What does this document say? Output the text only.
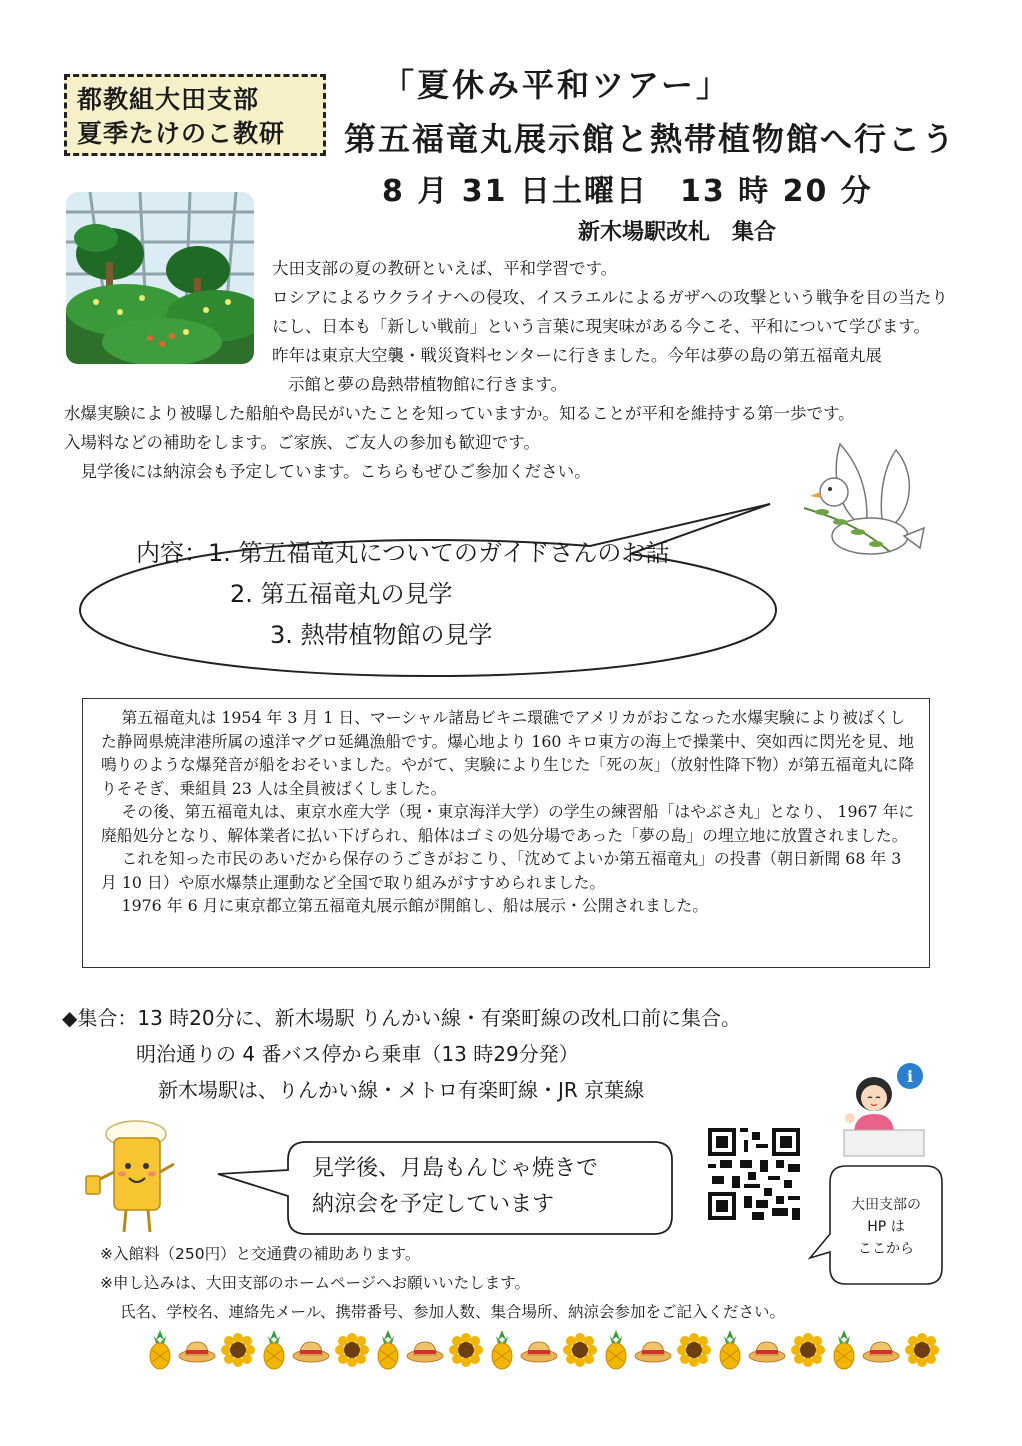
都教組大田支部
夏季たけのこ教研
「夏休み平和ツアー」
第五福竜丸展示館と熱帯植物館へ行こう
8 月 31 日土曜日　13 時 20 分
新木場駅改札　集合

大田支部の夏の教研といえば、平和学習です。

ロシアによるウクライナへの侵攻、イスラエルによるガザへの攻撃という戦争を目の当たり

にし、日本も「新しい戦前」という言葉に現実味がある今こそ、平和について学びます。

昨年は東京大空襲・戦災資料センターに行きました。今年は夢の島の第五福竜丸展

示館と夢の島熱帯植物館に行きます。

水爆実験により被曝した船舶や島民がいたことを知っていますか。知ることが平和を維持する第一歩です。

入場料などの補助をします。ご家族、ご友人の参加も歓迎です。

　見学後には納涼会も予定しています。こちらもぜひご参加ください。

内容：1. 第五福竜丸についてのガイドさんのお話
2. 第五福竜丸の見学
3. 熱帯植物館の見学

第五福竜丸は 1954 年 3 月 1 日、マーシャル諸島ビキニ環礁でアメリカがおこなった水爆実験により被ばくした静岡県焼津港所属の遠洋マグロ延縄漁船です。爆心地より 160 キロ東方の海上で操業中、突如西に閃光を見、地鳴りのような爆発音が船をおそいました。やがて、実験により生じた「死の灰」（放射性降下物）が第五福竜丸に降りそそぎ、乗組員 23 人は全員被ばくしました。

その後、第五福竜丸は、東京水産大学（現・東京海洋大学）の学生の練習船「はやぶさ丸」となり、 1967 年に廃船処分となり、解体業者に払い下げられ、船体はゴミの処分場であった「夢の島」の埋立地に放置されました。

これを知った市民のあいだから保存のうごきがおこり、「沈めてよいか第五福竜丸」の投書（朝日新聞 68 年 3 月 10 日）や原水爆禁止運動など全国で取り組みがすすめられました。

1976 年 6 月に東京都立第五福竜丸展示館が開館し、船は展示・公開されました。

◆集合：13 時20分に、新木場駅 りんかい線・有楽町線の改札口前に集合。

明治通りの 4 番バス停から乗車（13 時29分発）

新木場駅は、りんかい線・メトロ有楽町線・JR 京葉線

見学後、月島もんじゃ焼きで
納涼会を予定しています
i
大田支部の
HP は
ここから

※入館料（250円）と交通費の補助あります。

※申し込みは、大田支部のホームページへお願いいたします。

氏名、学校名、連絡先メール、携帯番号、参加人数、集合場所、納涼会参加をご記入ください。
